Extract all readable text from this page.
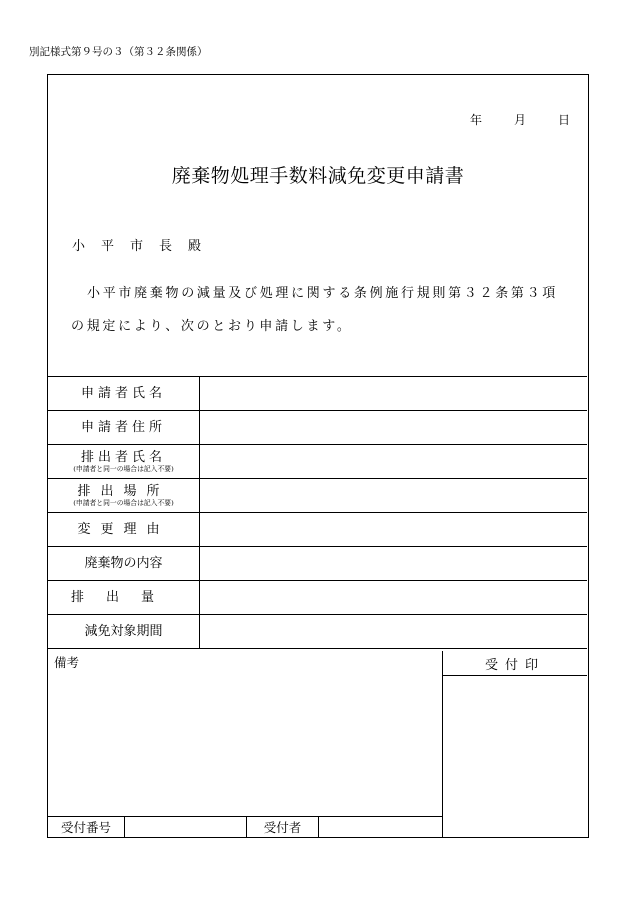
別記様式第９号の３（第３２条関係）
年	月	日
廃棄物処理手数料減免変更申請書
小平市長殿
小平市廃棄物の減量及び処理に関する条例施行規則第３２条第３項
の規定により、次のとおり申請します。
申請者氏名
申請者住所
排出者氏名
(申請者と同一の場合は記入不要)
排出場所
(申請者と同一の場合は記入不要)
変更理由
廃棄物の内容
排出量
減免対象期間
備考
受付番号	受付者
受付印
